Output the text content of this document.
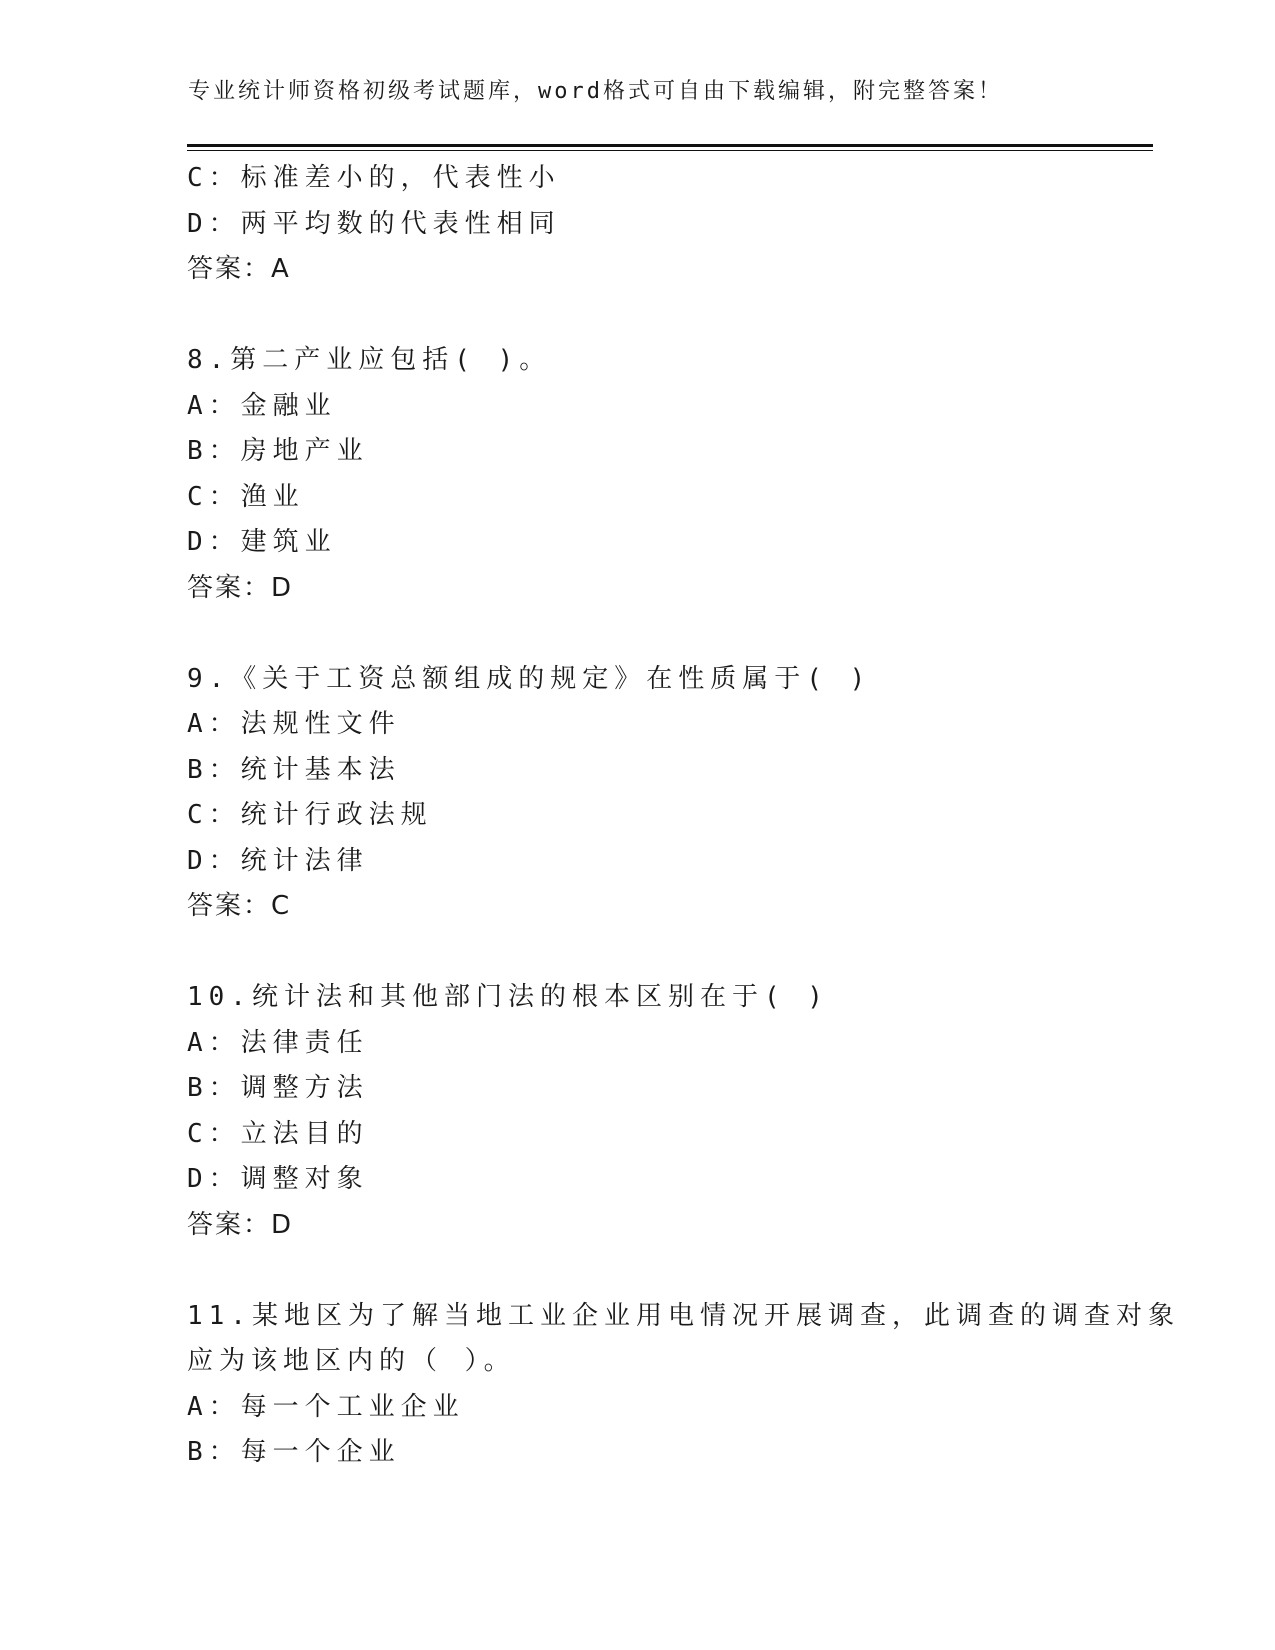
专业统计师资格初级考试题库，word格式可自由下载编辑，附完整答案！
C：标准差小的，代表性小
D：两平均数的代表性相同
答案：A
8.第二产业应包括( )。
A：金融业
B：房地产业
C：渔业
D：建筑业
答案：D
9.《关于工资总额组成的规定》在性质属于( )
A：法规性文件
B：统计基本法
C：统计行政法规
D：统计法律
答案：C
10.统计法和其他部门法的根本区别在于( )
A：法律责任
B：调整方法
C：立法目的
D：调整对象
答案：D
11.某地区为了解当地工业企业用电情况开展调查，此调查的调查对象
应为该地区内的（ ）。
A：每一个工业企业
B：每一个企业
